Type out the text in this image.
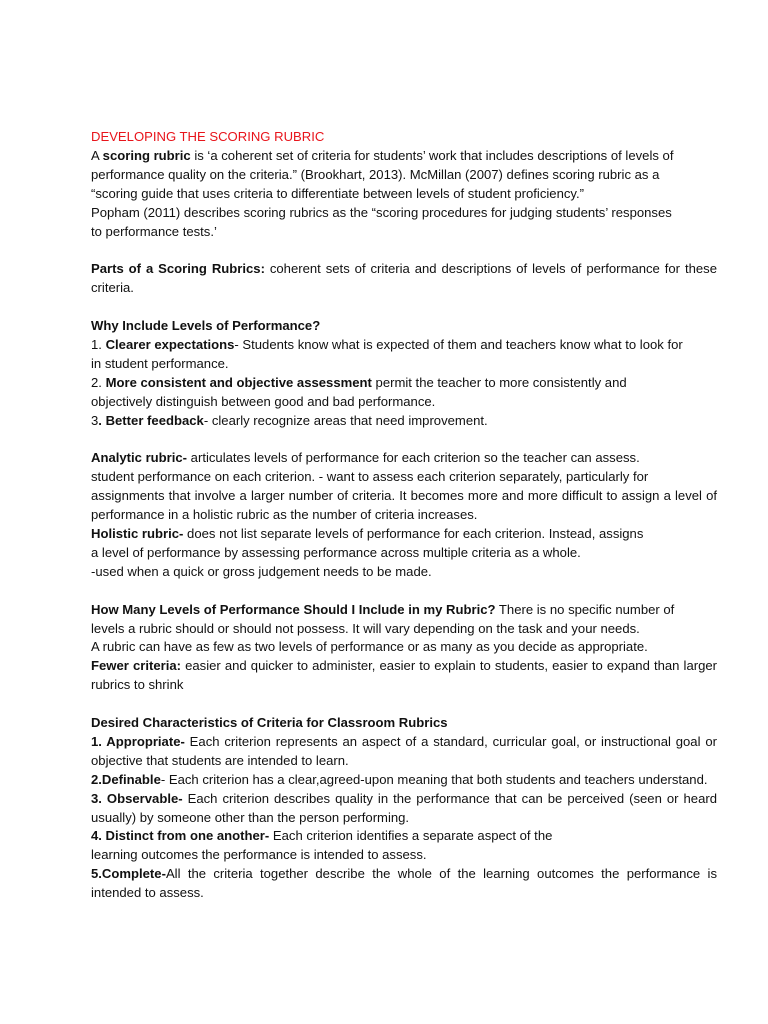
DEVELOPING THE SCORING RUBRIC

A scoring rubric is ‘a coherent set of criteria for students’ work that includes descriptions of levels of

performance quality on the criteria.” (Brookhart, 2013). McMillan (2007) defines scoring rubric as a

“scoring guide that uses criteria to differentiate between levels of student proficiency.”

Popham (2011) describes scoring rubrics as the “scoring procedures for judging students’ responses

to performance tests.’

Parts of a Scoring Rubrics: coherent sets of criteria and descriptions of levels of performance for these criteria.

Why Include Levels of Performance?

1. Clearer expectations- Students know what is expected of them and teachers know what to look for

in student performance.

2. More consistent and objective assessment permit the teacher to more consistently and

objectively distinguish between good and bad performance.

3. Better feedback- clearly recognize areas that need improvement.

Analytic rubric- articulates levels of performance for each criterion so the teacher can assess.

student performance on each criterion. - want to assess each criterion separately, particularly for

assignments that involve a larger number of criteria. It becomes more and more difficult to assign a level of performance in a holistic rubric as the number of criteria increases.

Holistic rubric- does not list separate levels of performance for each criterion. Instead, assigns

a level of performance by assessing performance across multiple criteria as a whole.

-used when a quick or gross judgement needs to be made.

How Many Levels of Performance Should I Include in my Rubric? There is no specific number of

levels a rubric should or should not possess. It will vary depending on the task and your needs.

A rubric can have as few as two levels of performance or as many as you decide as appropriate.

Fewer criteria: easier and quicker to administer, easier to explain to students, easier to expand than larger rubrics to shrink

Desired Characteristics of Criteria for Classroom Rubrics

1. Appropriate- Each criterion represents an aspect of a standard, curricular goal, or instructional goal or objective that students are intended to learn.

2.Definable- Each criterion has a clear,agreed-upon meaning that both students and teachers understand.

3. Observable- Each criterion describes quality in the performance that can be perceived (seen or heard usually) by someone other than the person performing.

4. Distinct from one another- Each criterion identifies a separate aspect of the

learning outcomes the performance is intended to assess.

5.Complete-All the criteria together describe the whole of the learning outcomes the performance is intended to assess.
